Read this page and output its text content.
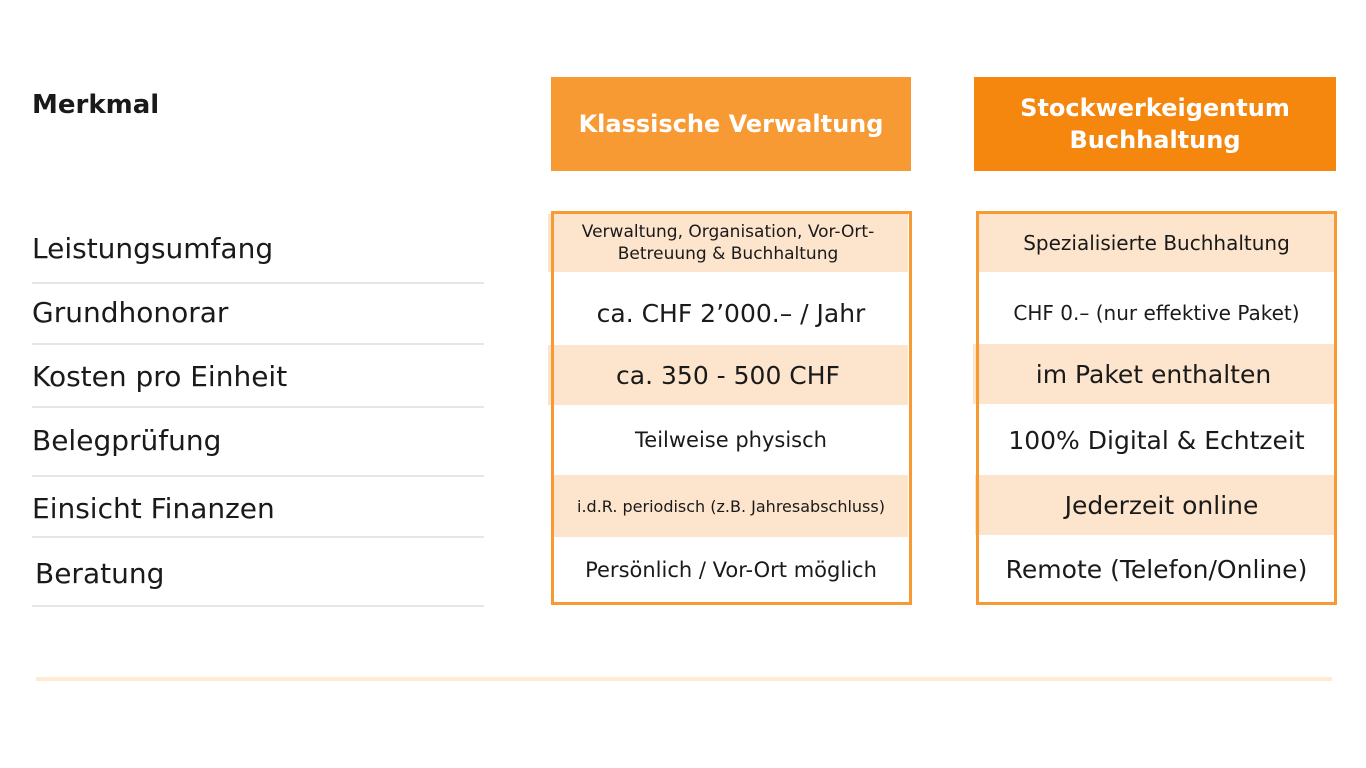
Merkmal
Klassische Verwaltung
Stockwerkeigentum
Buchhaltung
Leistungsumfang
Grundhonorar
Kosten pro Einheit
Belegprüfung
Einsicht Finanzen
Beratung
Verwaltung, Organisation, Vor-Ort-
Betreuung & Buchhaltung
ca. CHF 2’000.– / Jahr
ca. 350 - 500 CHF
Teilweise physisch
i.d.R. periodisch (z.B. Jahresabschluss)
Persönlich / Vor-Ort möglich
Spezialisierte Buchhaltung
CHF 0.– (nur effektive Paket)
im Paket enthalten
100% Digital & Echtzeit
Jederzeit online
Remote (Telefon/Online)
